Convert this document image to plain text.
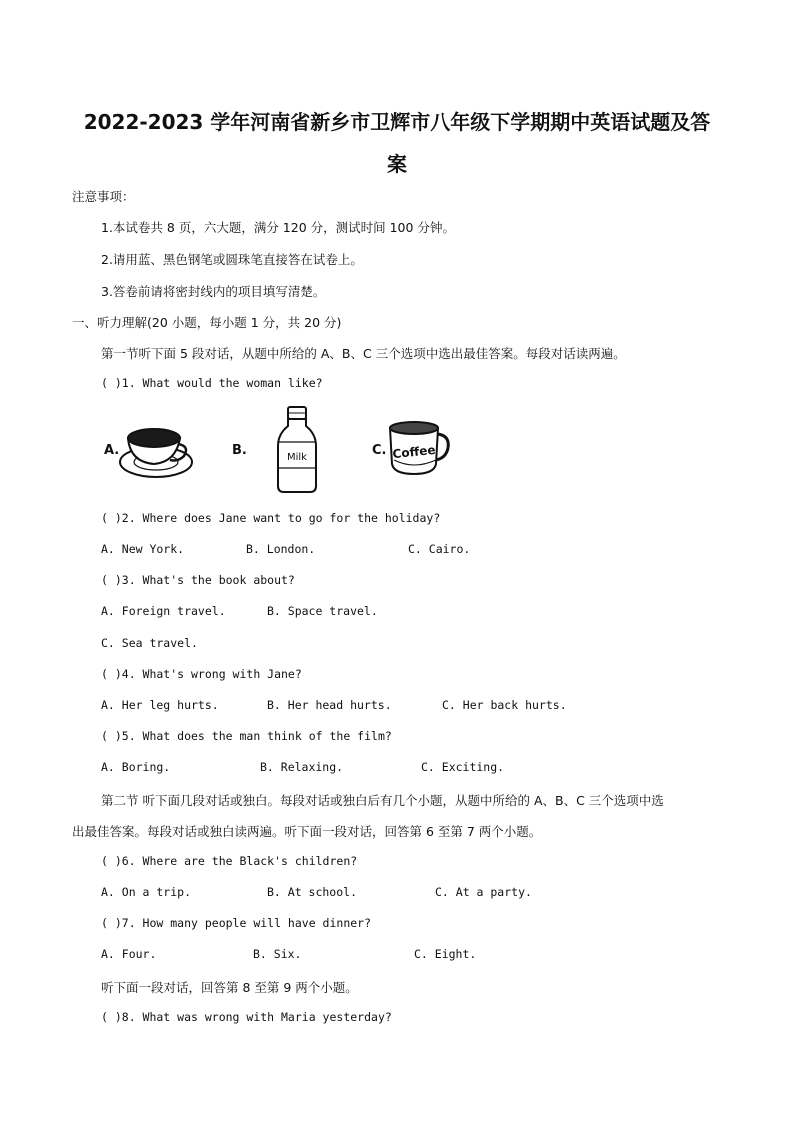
2022-2023 学年河南省新乡市卫辉市八年级下学期期中英语试题及答
案
注意事项：
1.本试卷共 8 页，六大题，满分 120 分，测试时间 100 分钟。
2.请用蓝、黑色钢笔或圆珠笔直接答在试卷上。
3.答卷前请将密封线内的项目填写清楚。
一、听力理解(20 小题，每小题 1 分，共 20 分)
第一节听下面 5 段对话，从题中所给的 A、B、C 三个选项中选出最佳答案。每段对话读两遍。
( )1. What would the woman like?
A.	B.	Milk	C. Coffee
( )2. Where does Jane want to go for the holiday?
A. New York.	B. London.	C. Cairo.
( )3. What's the book about?
A. Foreign travel.	B. Space travel.
C. Sea travel.
( )4. What's wrong with Jane?
A. Her leg hurts.	B. Her head hurts.	C. Her back hurts.
( )5. What does the man think of the film?
A. Boring.	B. Relaxing.	C. Exciting.
第二节 听下面几段对话或独白。每段对话或独白后有几个小题，从题中所给的 A、B、C 三个选项中选
出最佳答案。每段对话或独白读两遍。听下面一段对话，回答第 6 至第 7 两个小题。
( )6. Where are the Black's children?
A. On a trip.	B. At school.	C. At a party.
( )7. How many people will have dinner?
A. Four.	B. Six.	C. Eight.
听下面一段对话，回答第 8 至第 9 两个小题。
( )8. What was wrong with Maria yesterday?
